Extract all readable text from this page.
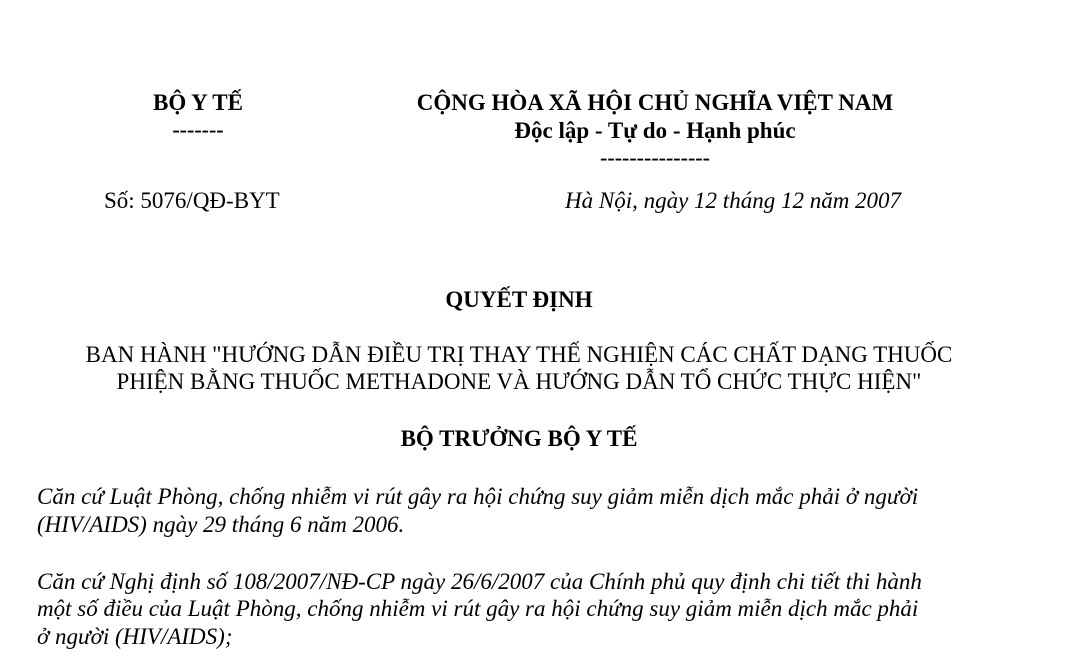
BỘ Y TẾ
-------
CỘNG HÒA XÃ HỘI CHỦ NGHĨA VIỆT NAM
Độc lập - Tự do - Hạnh phúc
---------------
Số: 5076/QĐ-BYT	Hà Nội, ngày 12 tháng 12 năm 2007
QUYẾT ĐỊNH
BAN HÀNH "HƯỚNG DẪN ĐIỀU TRỊ THAY THẾ NGHIỆN CÁC CHẤT DẠNG THUỐC
PHIỆN BẰNG THUỐC METHADONE VÀ HƯỚNG DẪN TỔ CHỨC THỰC HIỆN"
BỘ TRƯỞNG BỘ Y TẾ
Căn cứ Luật Phòng, chống nhiễm vi rút gây ra hội chứng suy giảm miễn dịch mắc phải ở người
(HIV/AIDS) ngày 29 tháng 6 năm 2006.
Căn cứ Nghị định số 108/2007/NĐ-CP ngày 26/6/2007 của Chính phủ quy định chi tiết thi hành
một số điều của Luật Phòng, chống nhiễm vi rút gây ra hội chứng suy giảm miễn dịch mắc phải
ở người (HIV/AIDS);
